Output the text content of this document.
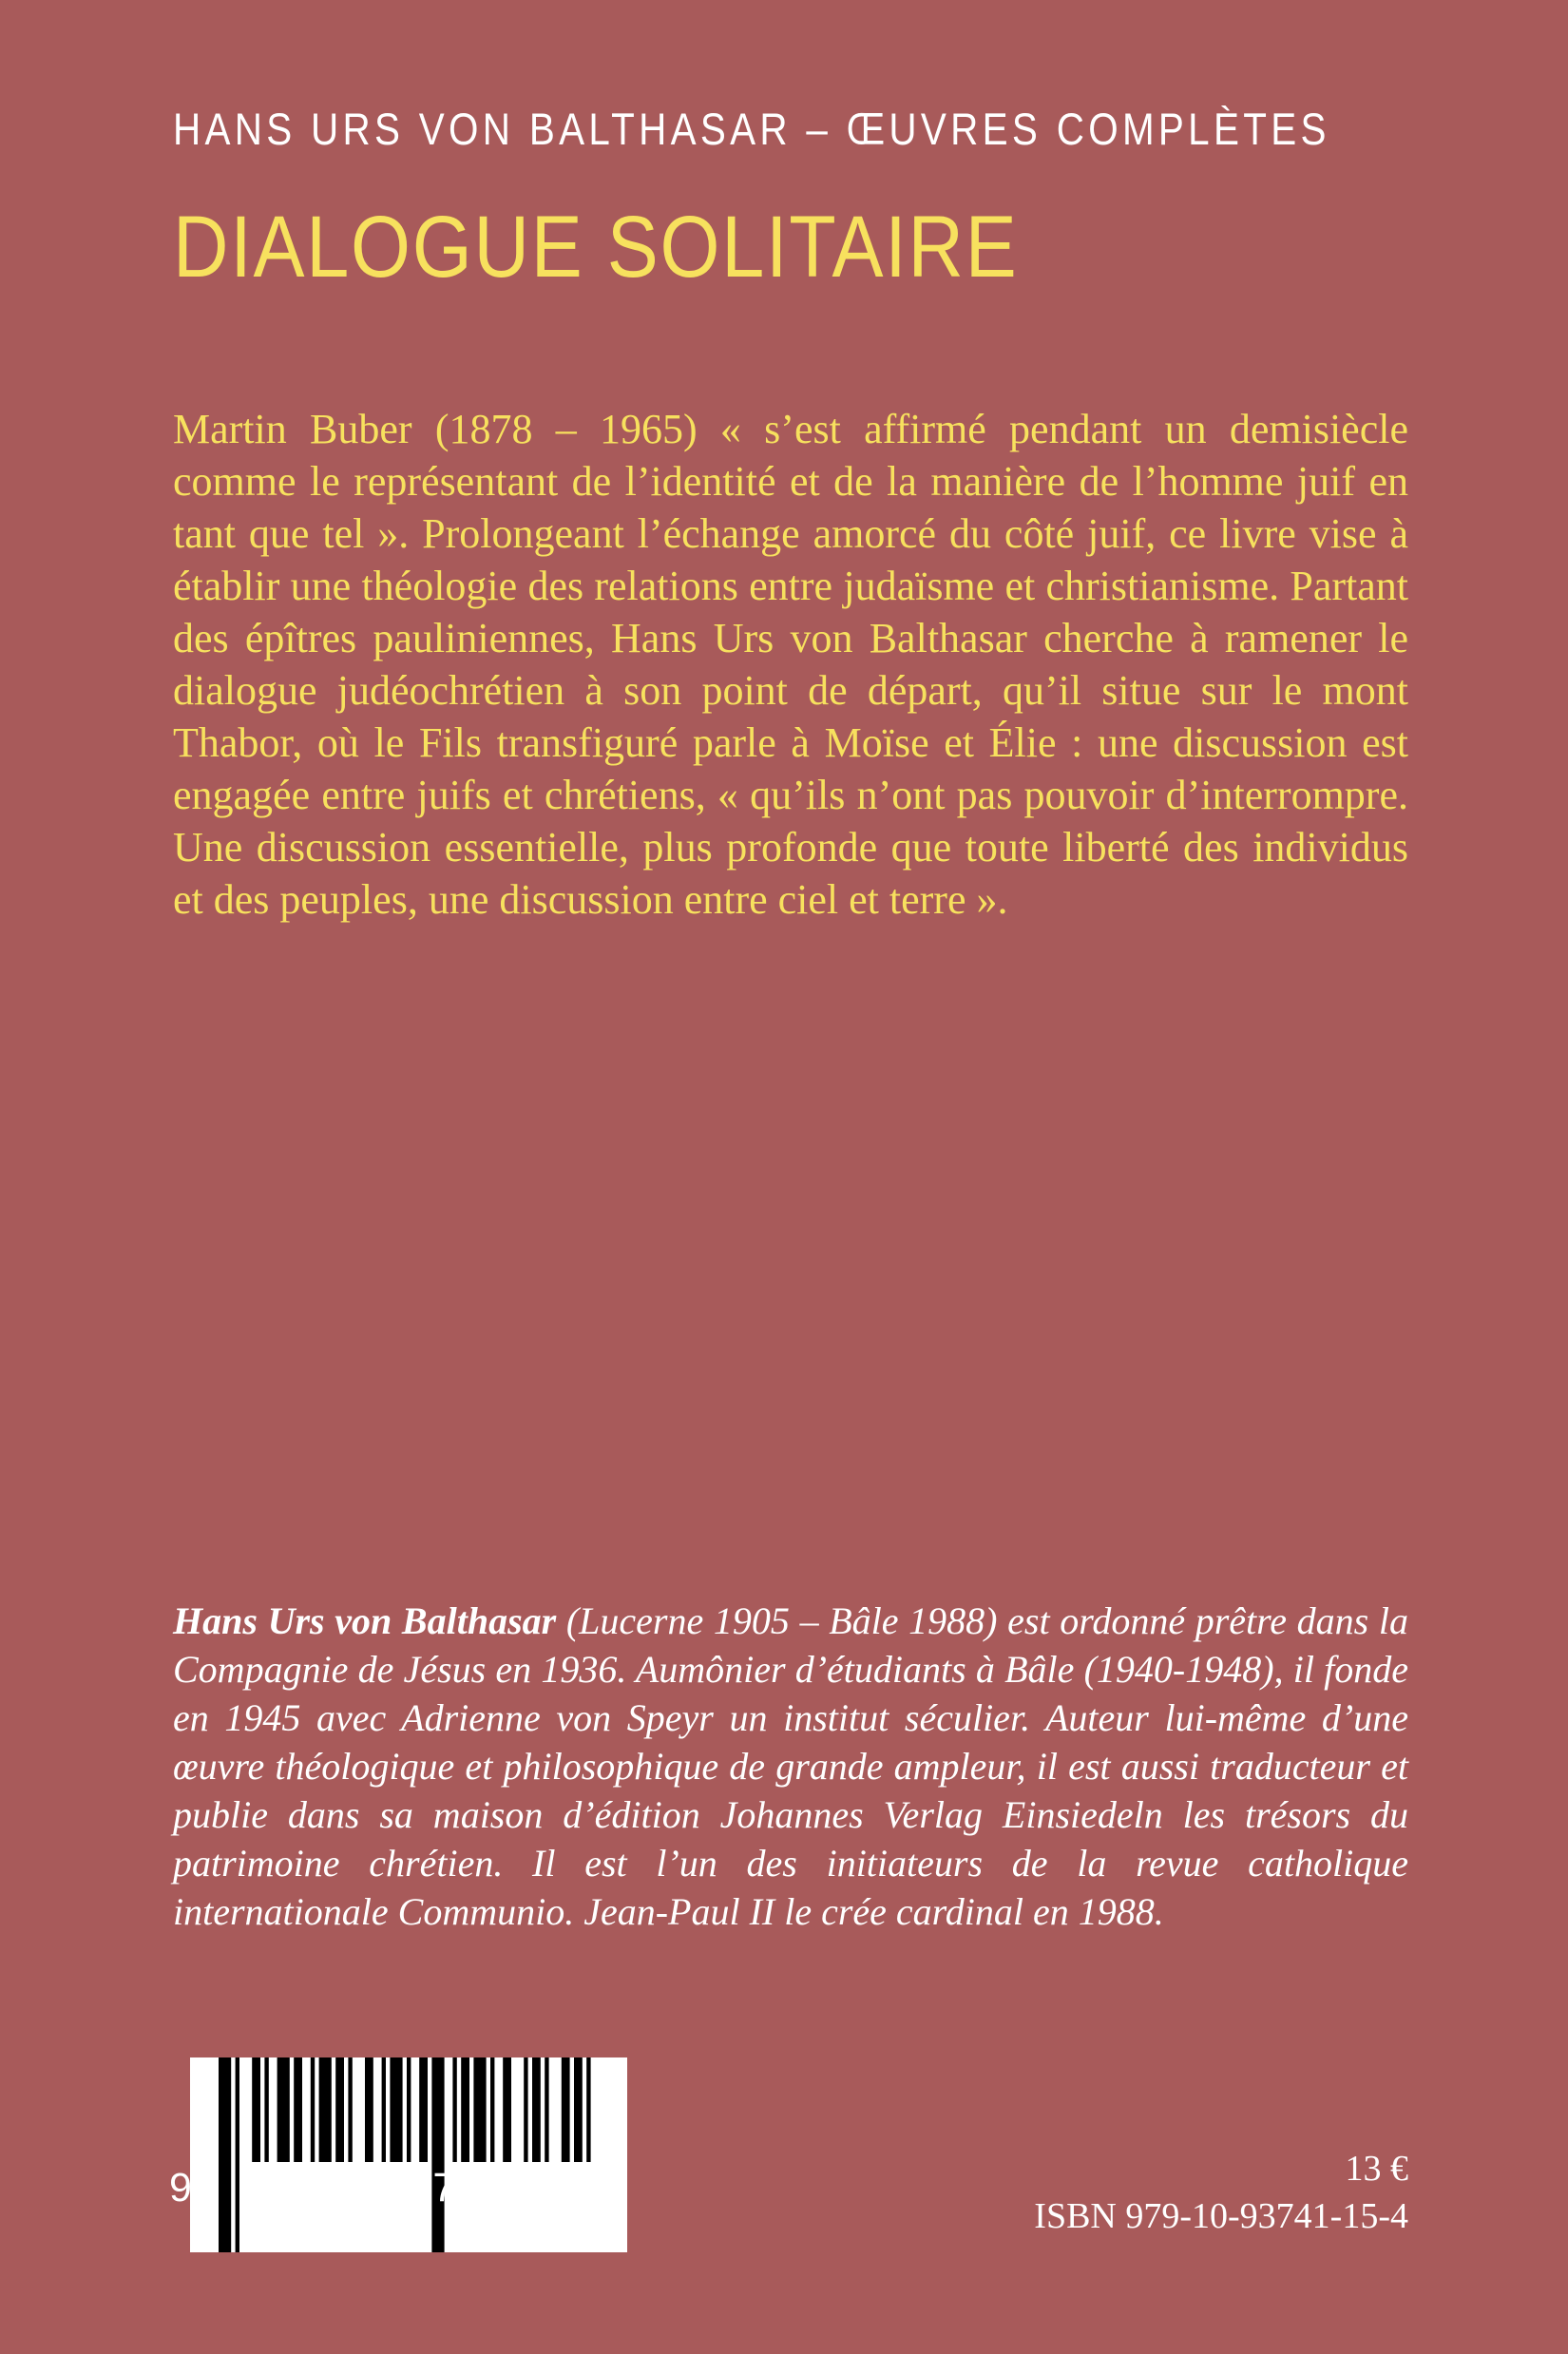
HANS URS VON BALTHASAR – ŒUVRES COMPLÈTES
DIALOGUE SOLITAIRE
Martin Buber (1878 – 1965) « s’est affirmé pendant un demisiècle comme le représentant de l’identité et de la manière de l’homme juif en tant que tel ». Prolongeant l’échange amorcé du côté juif, ce livre vise à établir une théologie des relations entre judaïsme et christianisme. Partant des épîtres pauliniennes, Hans Urs von Balthasar cherche à ramener le dialogue judéochrétien à son point de départ, qu’il situe sur le mont Thabor, où le Fils transfiguré parle à Moïse et Élie : une discussion est engagée entre juifs et chrétiens, « qu’ils n’ont pas pouvoir d’interrompre. Une discussion essentielle, plus profonde que toute liberté des individus et des peuples, une discussion entre ciel et terre ».
Hans Urs von Balthasar (Lucerne 1905 – Bâle 1988) est ordonné prêtre dans la Compagnie de Jésus en 1936. Aumônier d’étudiants à Bâle (1940-1948), il fonde en 1945 avec Adrienne von Speyr un institut séculier. Auteur lui-même d’une œuvre théologique et philosophique de grande ampleur, il est aussi traducteur et publie dans sa maison d’édition Johannes Verlag Einsiedeln les trésors du patrimoine chrétien. Il est l’un des initiateurs de la revue catholique internationale Communio. Jean-Paul II le crée cardinal en 1988.
9 791093 741154	13 €
ISBN 979-10-93741-15-4
